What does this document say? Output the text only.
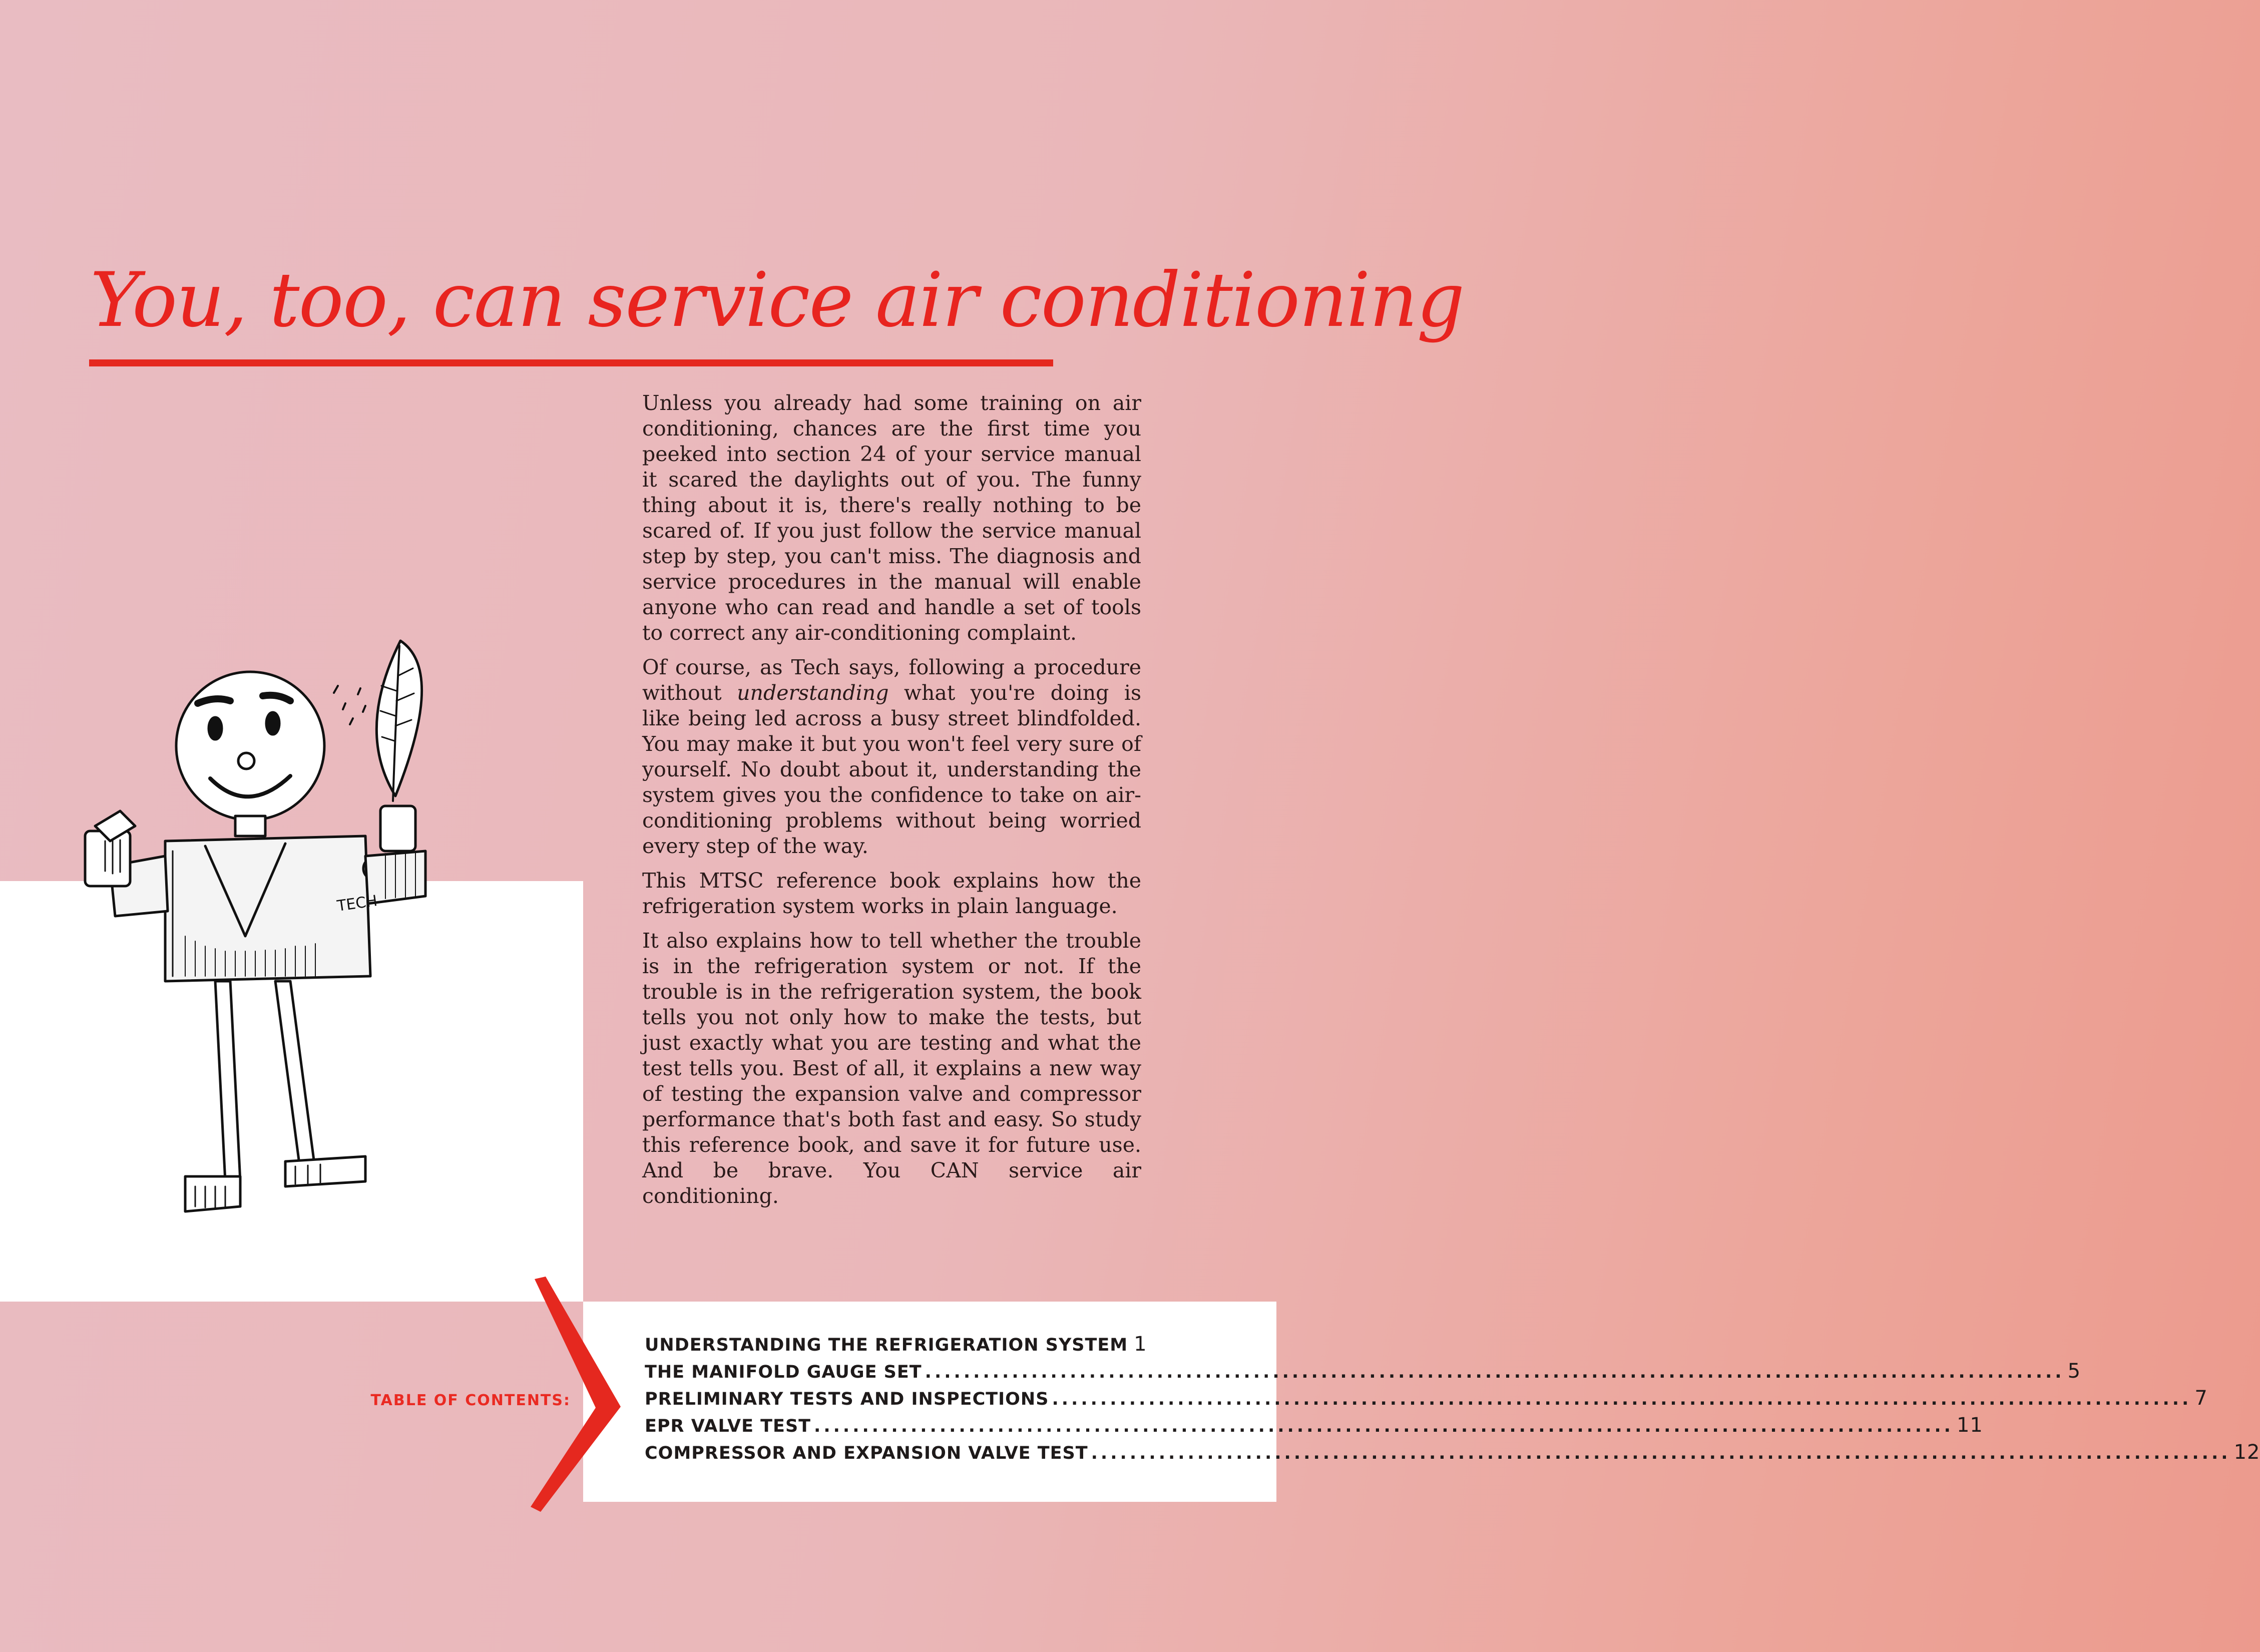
You, too, can service air conditioning
TECH

Unless you already had some training on air conditioning, chances are the first time you peeked into section 24 of your service manual it scared the daylights out of you. The funny thing about it is, there's really nothing to be scared of. If you just follow the service manual step by step, you can't miss. The diagnosis and service procedures in the manual will enable anyone who can read and handle a set of tools to correct any air-conditioning complaint.

Of course, as Tech says, following a procedure without understanding what you're doing is like being led across a busy street blindfolded. You may make it but you won't feel very sure of yourself. No doubt about it, understanding the system gives you the confidence to take on air-conditioning problems without being worried every step of the way.

This MTSC reference book explains how the refrigeration system works in plain language.

It also explains how to tell whether the trouble is in the refrigeration system or not. If the trouble is in the refrigeration system, the book tells you not only how to make the tests, but just exactly what you are testing and what the test tells you. Best of all, it explains a new way of testing the expansion valve and compressor performance that's both fast and easy. So study this reference book, and save it for future use. And be brave. You CAN service air conditioning.

TABLE OF CONTENTS:
UNDERSTANDING THE REFRIGERATION SYSTEM 1
THE MANIFOLD GAUGE SET .....	5
PRELIMINARY TESTS AND INSPECTIONS .....	7
EPR VALVE TEST .....	11
COMPRESSOR AND EXPANSION VALVE TEST .....	12
